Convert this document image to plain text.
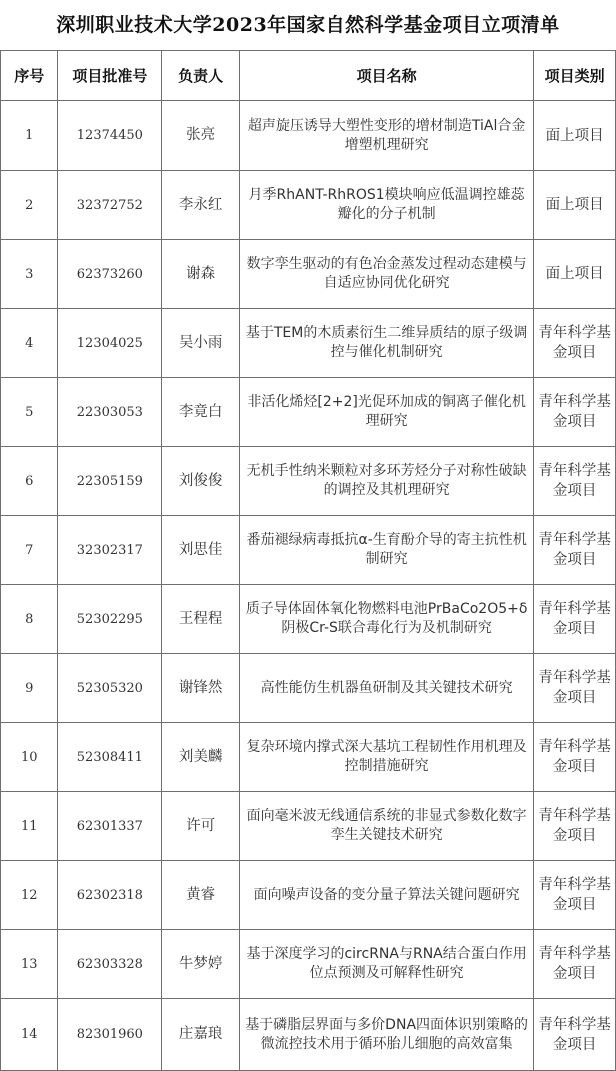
深圳职业技术大学2023年国家自然科学基金项目立项清单
序号	项目批准号	负责人	项目名称	项目类别
1	12374450	张亮	超声旋压诱导大塑性变形的增材制造TiAl合金增塑机理研究	面上项目
2	32372752	李永红	月季RhANT-RhROS1模块响应低温调控雄蕊瓣化的分子机制	面上项目
3	62373260	谢森	数字孪生驱动的有色冶金蒸发过程动态建模与自适应协同优化研究	面上项目
4	12304025	吴小雨	基于TEM的木质素衍生二维异质结的原子级调控与催化机制研究	青年科学基金项目
5	22303053	李竟白	非活化烯烃[2+2]光促环加成的铜离子催化机理研究	青年科学基金项目
6	22305159	刘俊俊	无机手性纳米颗粒对多环芳烃分子对称性破缺的调控及其机理研究	青年科学基金项目
7	32302317	刘思佳	番茄褪绿病毒抵抗α-生育酚介导的寄主抗性机制研究	青年科学基金项目
8	52302295	王程程	质子导体固体氧化物燃料电池PrBaCo2O5+δ阴极Cr-S联合毒化行为及机制研究	青年科学基金项目
9	52305320	谢锋然	高性能仿生机器鱼研制及其关键技术研究	青年科学基金项目
10	52308411	刘美麟	复杂环境内撑式深大基坑工程韧性作用机理及控制措施研究	青年科学基金项目
11	62301337	许可	面向毫米波无线通信系统的非显式参数化数字孪生关键技术研究	青年科学基金项目
12	62302318	黄睿	面向噪声设备的变分量子算法关键问题研究	青年科学基金项目
13	62303328	牛梦婷	基于深度学习的circRNA与RNA结合蛋白作用位点预测及可解释性研究	青年科学基金项目
14	82301960	庄嘉琅	基于磷脂层界面与多价DNA四面体识别策略的微流控技术用于循环胎儿细胞的高效富集	青年科学基金项目
